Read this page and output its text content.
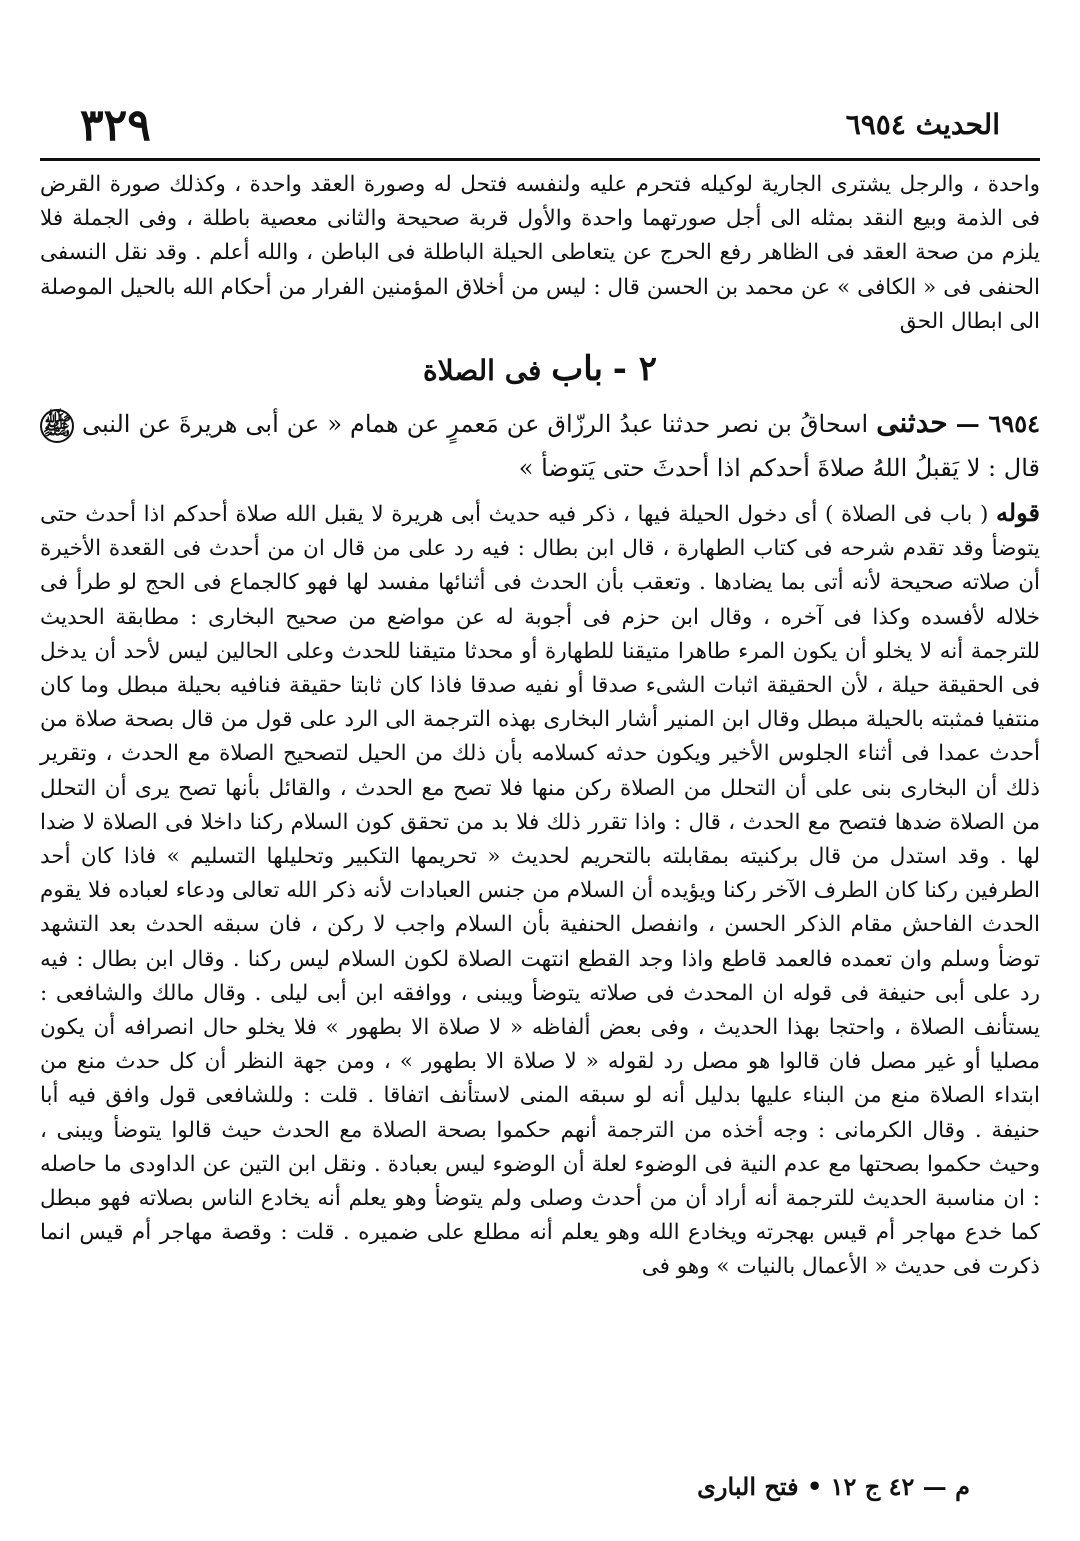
الحديث ٦٩٥٤
٣٢٩

واحدة ، والرجل يشترى الجارية لوكيله فتحرم عليه ولنفسه فتحل له وصورة العقد واحدة ، وكذلك صورة القرض فى الذمة وبيع النقد بمثله الى أجل صورتهما واحدة والأول قربة صحيحة والثانى معصية باطلة ، وفى الجملة فلا يلزم من صحة العقد فى الظاهر رفع الحرج عن يتعاطى الحيلة الباطلة فى الباطن ، والله أعلم . وقد نقل النسفى الحنفى فى « الكافى » عن محمد بن الحسن قال : ليس من أخلاق المؤمنين الفرار من أحكام الله بالحيل الموصلة الى ابطال الحق

٢ - باب فى الصلاة

٦٩٥٤ — حدثنى اسحاقُ بن نصر حدثنا عبدُ الرزّاق عن مَعمرٍ عن همام « عن أبى هريرةَ عن النبى ﷺ قال : لا يَقبلُ اللهُ صلاةَ أحدكم اذا أحدثَ حتى يَتوضأ »

قوله ( باب فى الصلاة ) أى دخول الحيلة فيها ، ذكر فيه حديث أبى هريرة لا يقبل الله صلاة أحدكم اذا أحدث حتى يتوضأ وقد تقدم شرحه فى كتاب الطهارة ، قال ابن بطال : فيه رد على من قال ان من أحدث فى القعدة الأخيرة أن صلاته صحيحة لأنه أتى بما يضادها . وتعقب بأن الحدث فى أثنائها مفسد لها فهو كالجماع فى الحج لو طرأ فى خلاله لأفسده وكذا فى آخره ، وقال ابن حزم فى أجوبة له عن مواضع من صحيح البخارى : مطابقة الحديث للترجمة أنه لا يخلو أن يكون المرء طاهرا متيقنا للطهارة أو محدثا متيقنا للحدث وعلى الحالين ليس لأحد أن يدخل فى الحقيقة حيلة ، لأن الحقيقة اثبات الشىء صدقا أو نفيه صدقا فاذا كان ثابتا حقيقة فنافيه بحيلة مبطل وما كان منتفيا فمثبته بالحيلة مبطل وقال ابن المنير أشار البخارى بهذه الترجمة الى الرد على قول من قال بصحة صلاة من أحدث عمدا فى أثناء الجلوس الأخير ويكون حدثه كسلامه بأن ذلك من الحيل لتصحيح الصلاة مع الحدث ، وتقرير ذلك أن البخارى بنى على أن التحلل من الصلاة ركن منها فلا تصح مع الحدث ، والقائل بأنها تصح يرى أن التحلل من الصلاة ضدها فتصح مع الحدث ، قال : واذا تقرر ذلك فلا بد من تحقق كون السلام ركنا داخلا فى الصلاة لا ضدا لها . وقد استدل من قال بركنيته بمقابلته بالتحريم لحديث « تحريمها التكبير وتحليلها التسليم » فاذا كان أحد الطرفين ركنا كان الطرف الآخر ركنا ويؤيده أن السلام من جنس العبادات لأنه ذكر الله تعالى ودعاء لعباده فلا يقوم الحدث الفاحش مقام الذكر الحسن ، وانفصل الحنفية بأن السلام واجب لا ركن ، فان سبقه الحدث بعد التشهد توضأ وسلم وان تعمده فالعمد قاطع واذا وجد القطع انتهت الصلاة لكون السلام ليس ركنا . وقال ابن بطال : فيه رد على أبى حنيفة فى قوله ان المحدث فى صلاته يتوضأ ويبنى ، ووافقه ابن أبى ليلى . وقال مالك والشافعى : يستأنف الصلاة ، واحتجا بهذا الحديث ، وفى بعض ألفاظه « لا صلاة الا بطهور » فلا يخلو حال انصرافه أن يكون مصليا أو غير مصل فان قالوا هو مصل رد لقوله « لا صلاة الا بطهور » ، ومن جهة النظر أن كل حدث منع من ابتداء الصلاة منع من البناء عليها بدليل أنه لو سبقه المنى لاستأنف اتفاقا . قلت : وللشافعى قول وافق فيه أبا حنيفة . وقال الكرمانى : وجه أخذه من الترجمة أنهم حكموا بصحة الصلاة مع الحدث حيث قالوا يتوضأ ويبنى ، وحيث حكموا بصحتها مع عدم النية فى الوضوء لعلة أن الوضوء ليس بعبادة . ونقل ابن التين عن الداودى ما حاصله : ان مناسبة الحديث للترجمة أنه أراد أن من أحدث وصلى ولم يتوضأ وهو يعلم أنه يخادع الناس بصلاته فهو مبطل كما خدع مهاجر أم قيس بهجرته ويخادع الله وهو يعلم أنه مطلع على ضميره . قلت : وقصة مهاجر أم قيس انما ذكرت فى حديث « الأعمال بالنيات » وهو فى

م — ٤٢ ج ١٢ • فتح البارى
